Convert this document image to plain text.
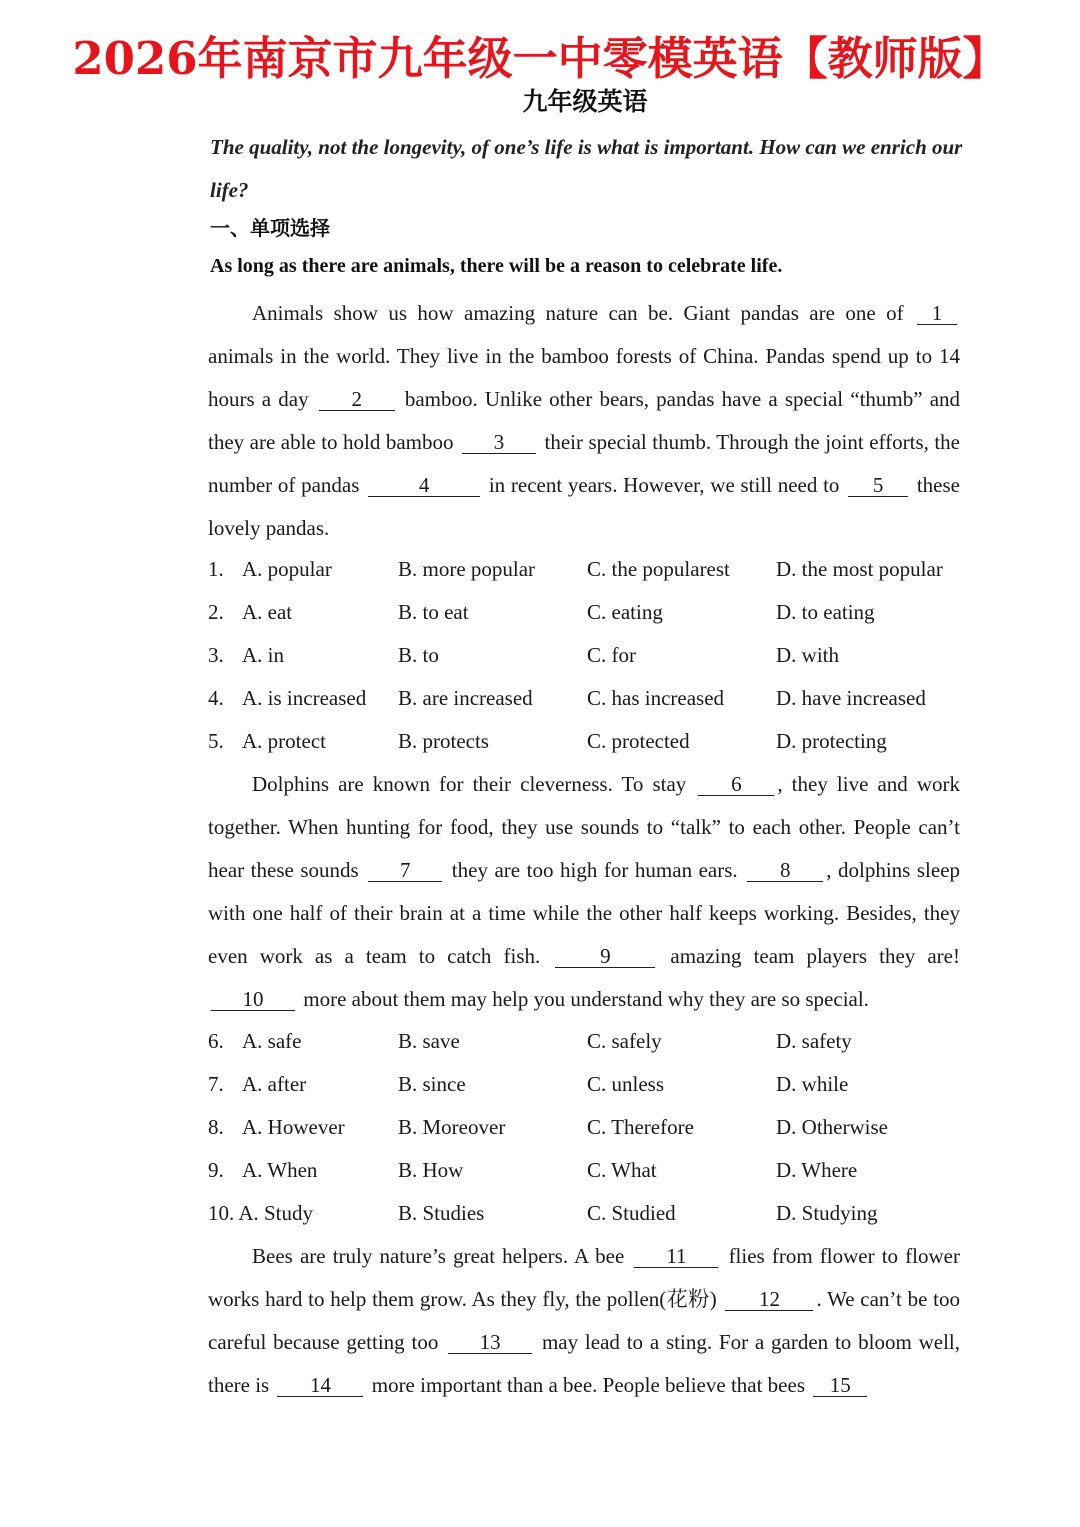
2026年南京市九年级一中零模英语【教师版】
九年级英语
The quality, not the longevity, of one’s life is what is important. How can we enrich our life?
一、单项选择
As long as there are animals, there will be a reason to celebrate life.
Animals show us how amazing nature can be. Giant pandas are one of 1 animals in the world. They live in the bamboo forests of China. Pandas spend up to 14 hours a day 2 bamboo. Unlike other bears, pandas have a special “thumb” and they are able to hold bamboo 3 their special thumb. Through the joint efforts, the number of pandas	4	in recent years. However, we still need to 5 these lovely pandas.
1. A. popular	B. more popular C. the popularest D. the most popular
2. A. eat	B. to eat	C. eating	D. to eating
3. A. in	B. to	C. for	D. with
4. A. is increased B. are increased	C. has increased D. have increased
5. A. protect	B. protects	C. protected	D. protecting
Dolphins are known for their cleverness. To stay 6 , they live and work together. When hunting for food, they use sounds to “talk” to each other. People can’t hear these sounds 7 they are too high for human ears. 8 , dolphins sleep with one half of their brain at a time while the other half keeps working. Besides, they even work as a team to catch fish.	9	amazing team players they are! 10 more about them may help you understand why they are so special.
6. A. safe	B. save	C. safely	D. safety
7. A. after	B. since	C. unless	D. while
8. A. However	B. Moreover	C. Therefore	D. Otherwise
9. A. When	B. How	C. What	D. Where
10. A. Study	B. Studies	C. Studied	D. Studying
Bees are truly nature’s great helpers. A bee 11 flies from flower to flower works hard to help them grow. As they fly, the pollen(花粉) 12 . We can’t be too careful because getting too 13 may lead to a sting. For a garden to bloom well, there is 14 more important than a bee. People believe that bees 15
